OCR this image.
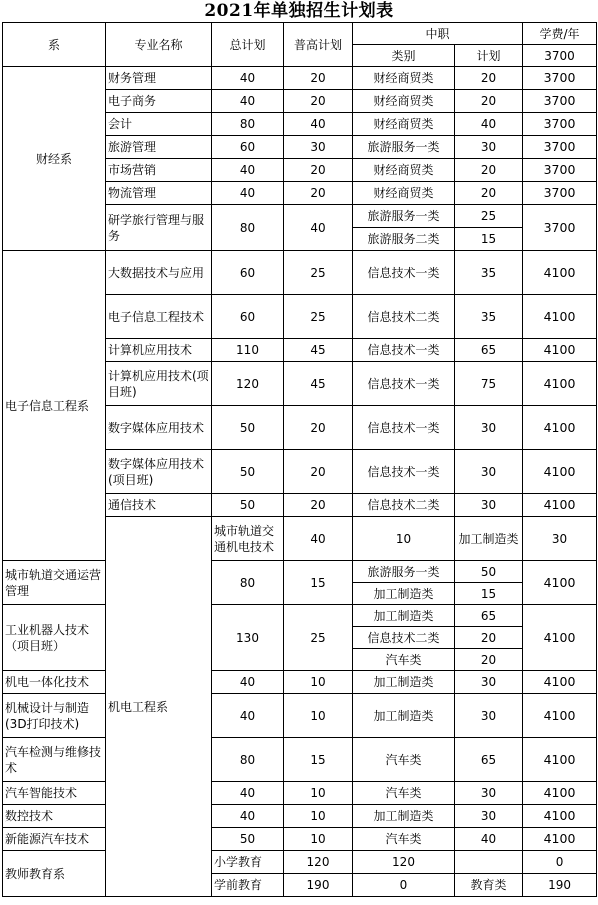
2021年单独招生计划表
系	专业名称	总计划	普高计划	中职		学费/年	
				类别	计划	3700	
财经系	财务管理	40	20	财经商贸类	20	3700	
	电子商务	40	20	财经商贸类	20	3700	
	会计	80	40	财经商贸类	40	3700	
	旅游管理	60	30	旅游服务一类	30	3700	
	市场营销	40	20	财经商贸类	20	3700	
	物流管理	40	20	财经商贸类	20	3700	
	研学旅行管理与服务	80	40	旅游服务一类	25	3700	
				旅游服务二类	15		
电子信息工程系	大数据技术与应用	60	25	信息技术一类	35	4100	
	电子信息工程技术	60	25	信息技术二类	35	4100	
	计算机应用技术	110	45	信息技术一类	65	4100	
	计算机应用技术(项目班)	120	45	信息技术一类	75	4100	
	数字媒体应用技术	50	20	信息技术一类	30	4100	
	数字媒体应用技术(项目班)	50	20	信息技术一类	30	4100	
	通信技术	50	20	信息技术二类	30	4100	
	机电工程系	城市轨道交通机电技术	40	10	加工制造类	30	
城市轨道交通运营管理		80	15	旅游服务一类	50	4100	
				加工制造类	15		
工业机器人技术（项目班）		130	25	加工制造类	65	4100	
				信息技术二类	20		
				汽车类	20		
机电一体化技术		40	10	加工制造类	30	4100	
机械设计与制造(3D打印技术)		40	10	加工制造类	30	4100	
汽车检测与维修技术		80	15	汽车类	65	4100	
汽车智能技术		40	10	汽车类	30	4100	
数控技术		40	10	加工制造类	30	4100	
新能源汽车技术		50	10	汽车类	40	4100	
教师教育系		小学教育	120	120		0	
		学前教育	190	0	教育类	190	
